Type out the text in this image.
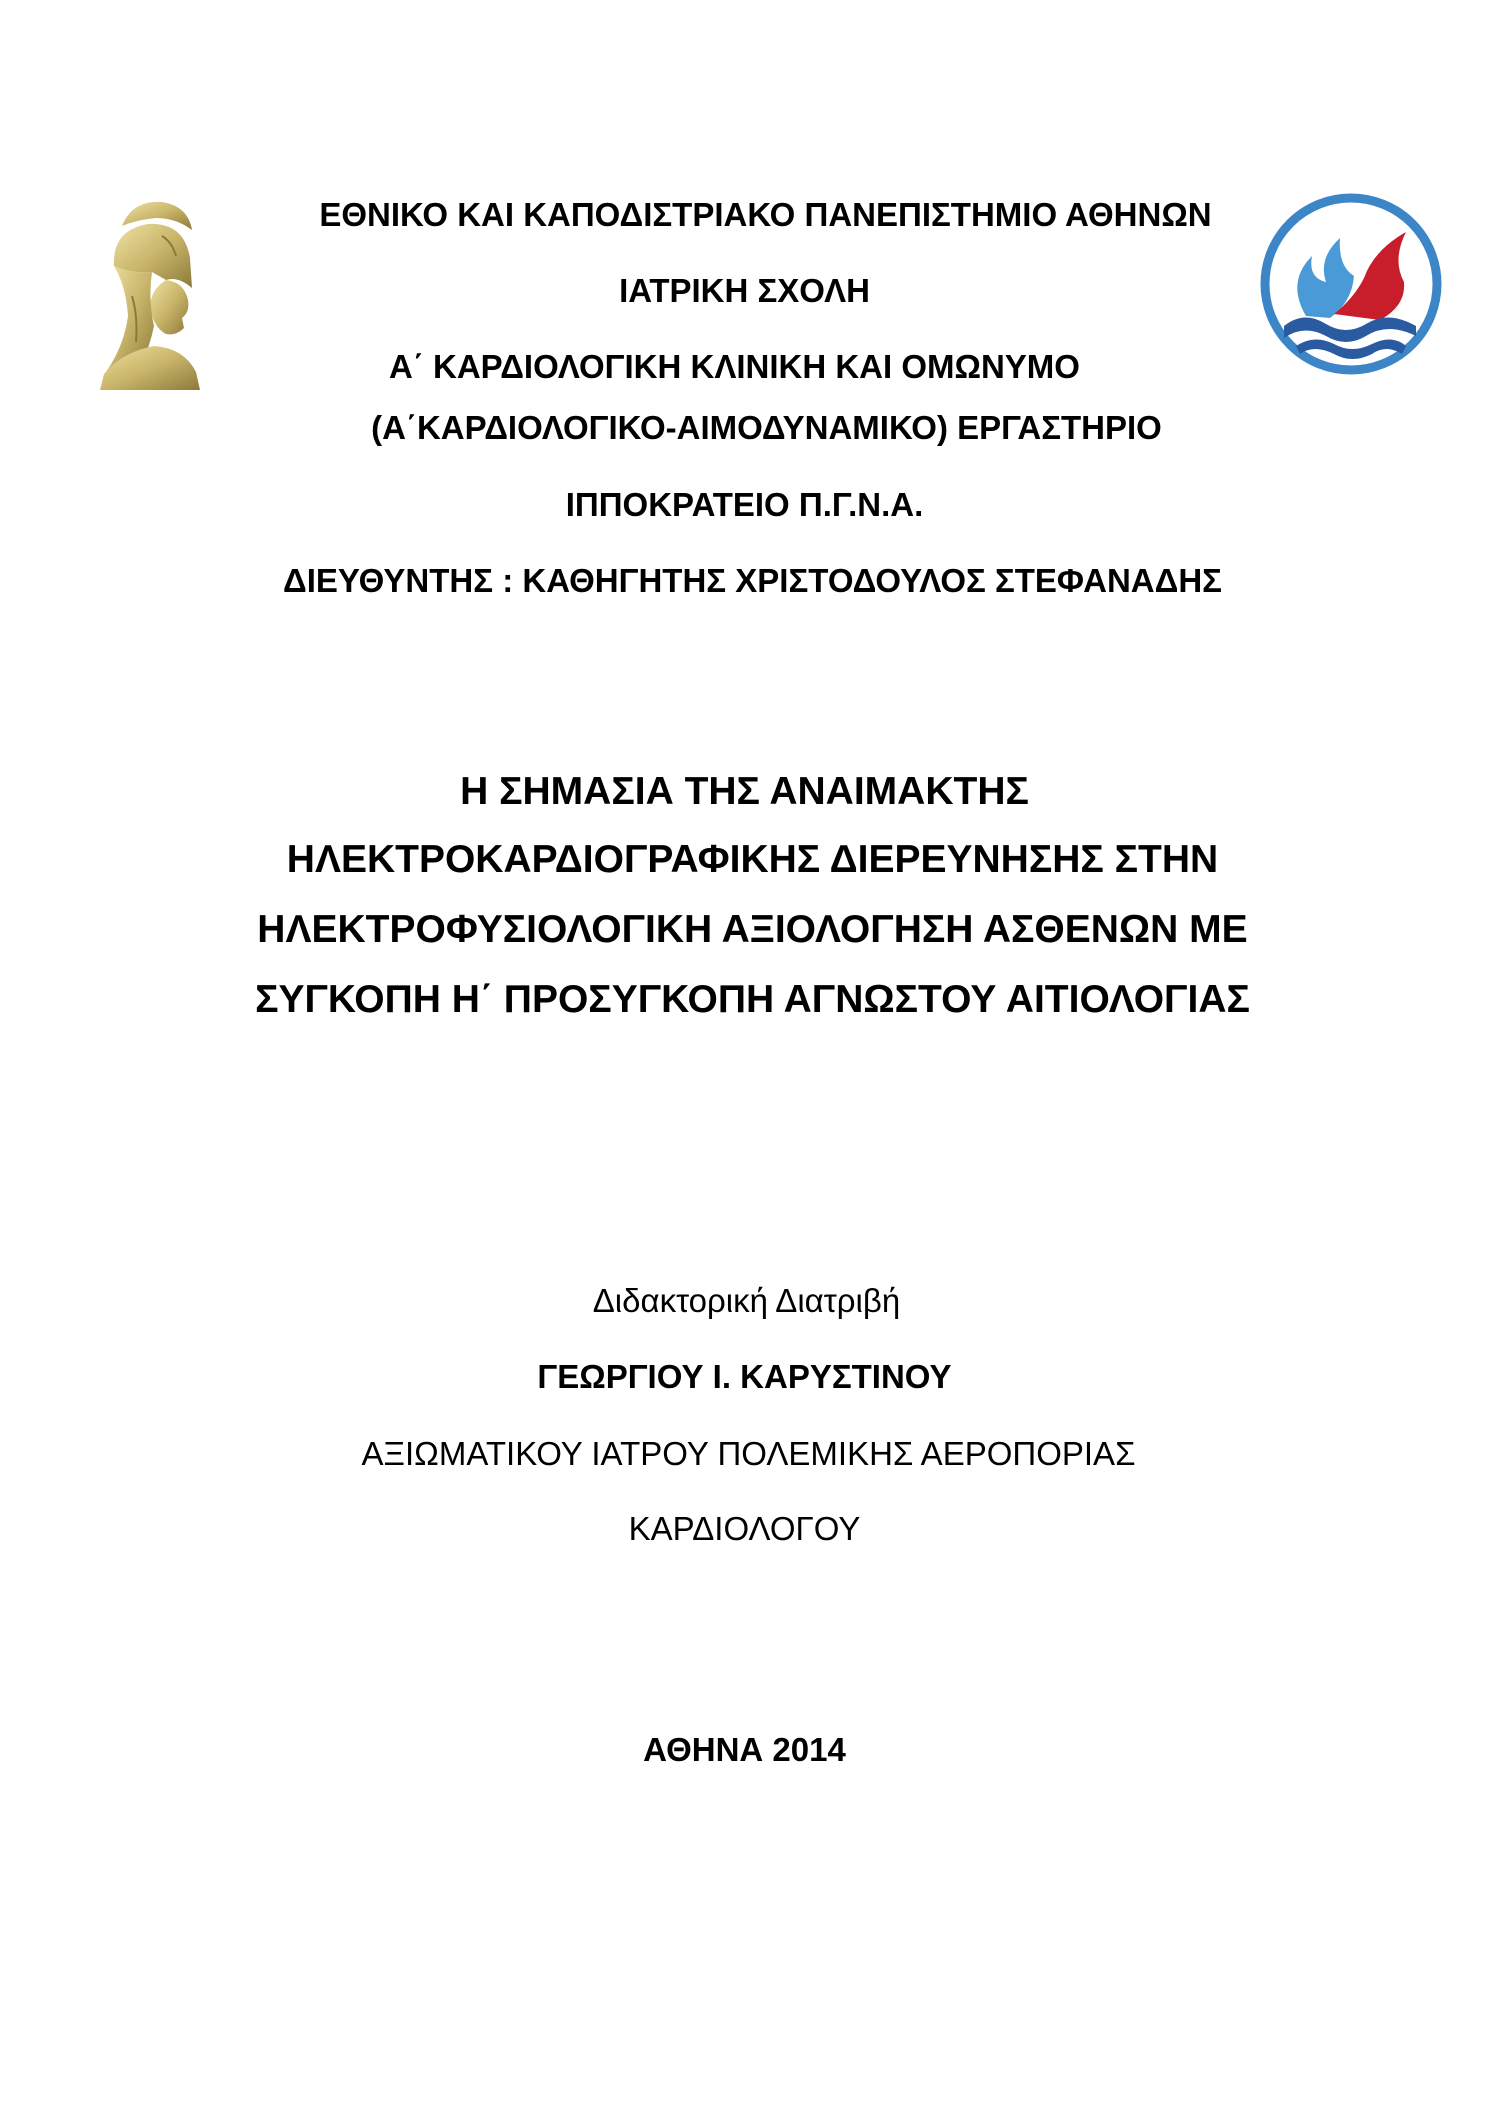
ΕΘΝΙΚΟ ΚΑΙ ΚΑΠΟΔΙΣΤΡΙΑΚΟ ΠΑΝΕΠΙΣΤΗΜΙΟ ΑΘΗΝΩΝ
ΙΑΤΡΙΚΗ ΣΧΟΛΗ
Α΄ ΚΑΡΔΙΟΛΟΓΙΚΗ ΚΛΙΝΙΚΗ ΚΑΙ ΟΜΩΝΥΜΟ
(Α΄ΚΑΡΔΙΟΛΟΓΙΚΟ-ΑΙΜΟΔΥΝΑΜΙΚΟ) ΕΡΓΑΣΤΗΡΙΟ
ΙΠΠΟΚΡΑΤΕΙΟ Π.Γ.Ν.Α.
ΔΙΕΥΘΥΝΤΗΣ : ΚΑΘΗΓΗΤΗΣ ΧΡΙΣΤΟΔΟΥΛΟΣ ΣΤΕΦΑΝΑΔΗΣ
Η ΣΗΜΑΣΙΑ ΤΗΣ ΑΝΑΙΜΑΚΤΗΣ
ΗΛΕΚΤΡΟΚΑΡΔΙΟΓΡΑΦΙΚΗΣ ΔΙΕΡΕΥΝΗΣΗΣ ΣΤΗΝ
ΗΛΕΚΤΡΟΦΥΣΙΟΛΟΓΙΚΗ ΑΞΙΟΛΟΓΗΣΗ ΑΣΘΕΝΩΝ ΜΕ
ΣΥΓΚΟΠΗ Η΄ ΠΡΟΣΥΓΚΟΠΗ ΑΓΝΩΣΤΟΥ ΑΙΤΙΟΛΟΓΙΑΣ
Διδακτορική Διατριβή
ΓΕΩΡΓΙΟΥ Ι. ΚΑΡΥΣΤΙΝΟΥ
ΑΞΙΩΜΑΤΙΚΟΥ ΙΑΤΡΟΥ ΠΟΛΕΜΙΚΗΣ ΑΕΡΟΠΟΡΙΑΣ
ΚΑΡΔΙΟΛΟΓΟΥ
ΑΘΗΝΑ 2014
